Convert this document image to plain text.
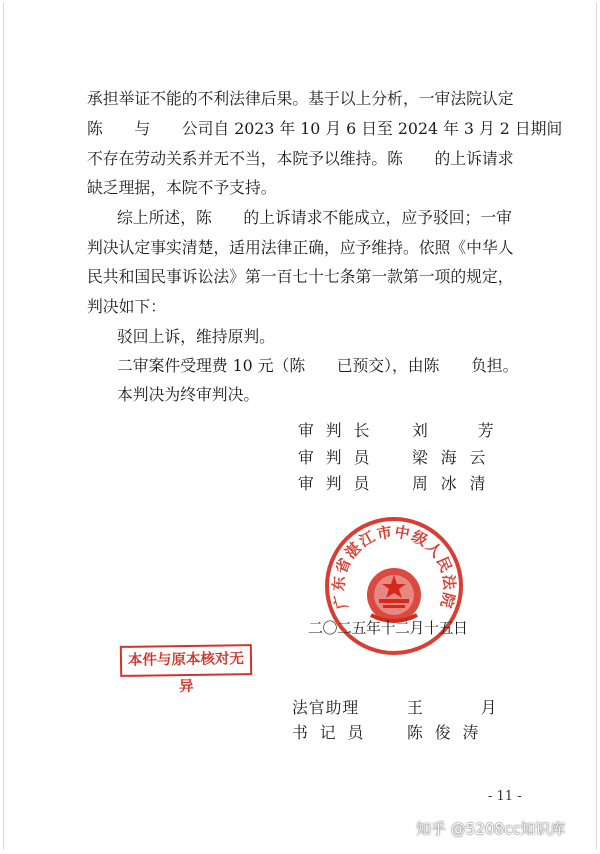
承担举证不能的不利法律后果。基于以上分析，一审法院认定
陈　　与　　公司自 2023 年 10 月 6 日至 2024 年 3 月 2 日期间
不存在劳动关系并无不当，本院予以维持。陈　　的上诉请求
缺乏理据，本院不予支持。
综上所述，陈　　的上诉请求不能成立，应予驳回；一审
判决认定事实清楚，适用法律正确，应予维持。依照《中华人
民共和国民事诉讼法》第一百七十七条第一款第一项的规定，
判决如下：
驳回上诉，维持原判。
二审案件受理费 10 元（陈　　已预交），由陈　　负担。
本判决为终审判决。
审判长 刘芳
审判员 梁海云
审判员 周冰清
广东省湛江市中级人民法院
二〇二五年十二月十五日
本件与原本核对无异
法官助理	王月
书记员 陈俊涛
- 11 -
知乎 @5208cc知识库
